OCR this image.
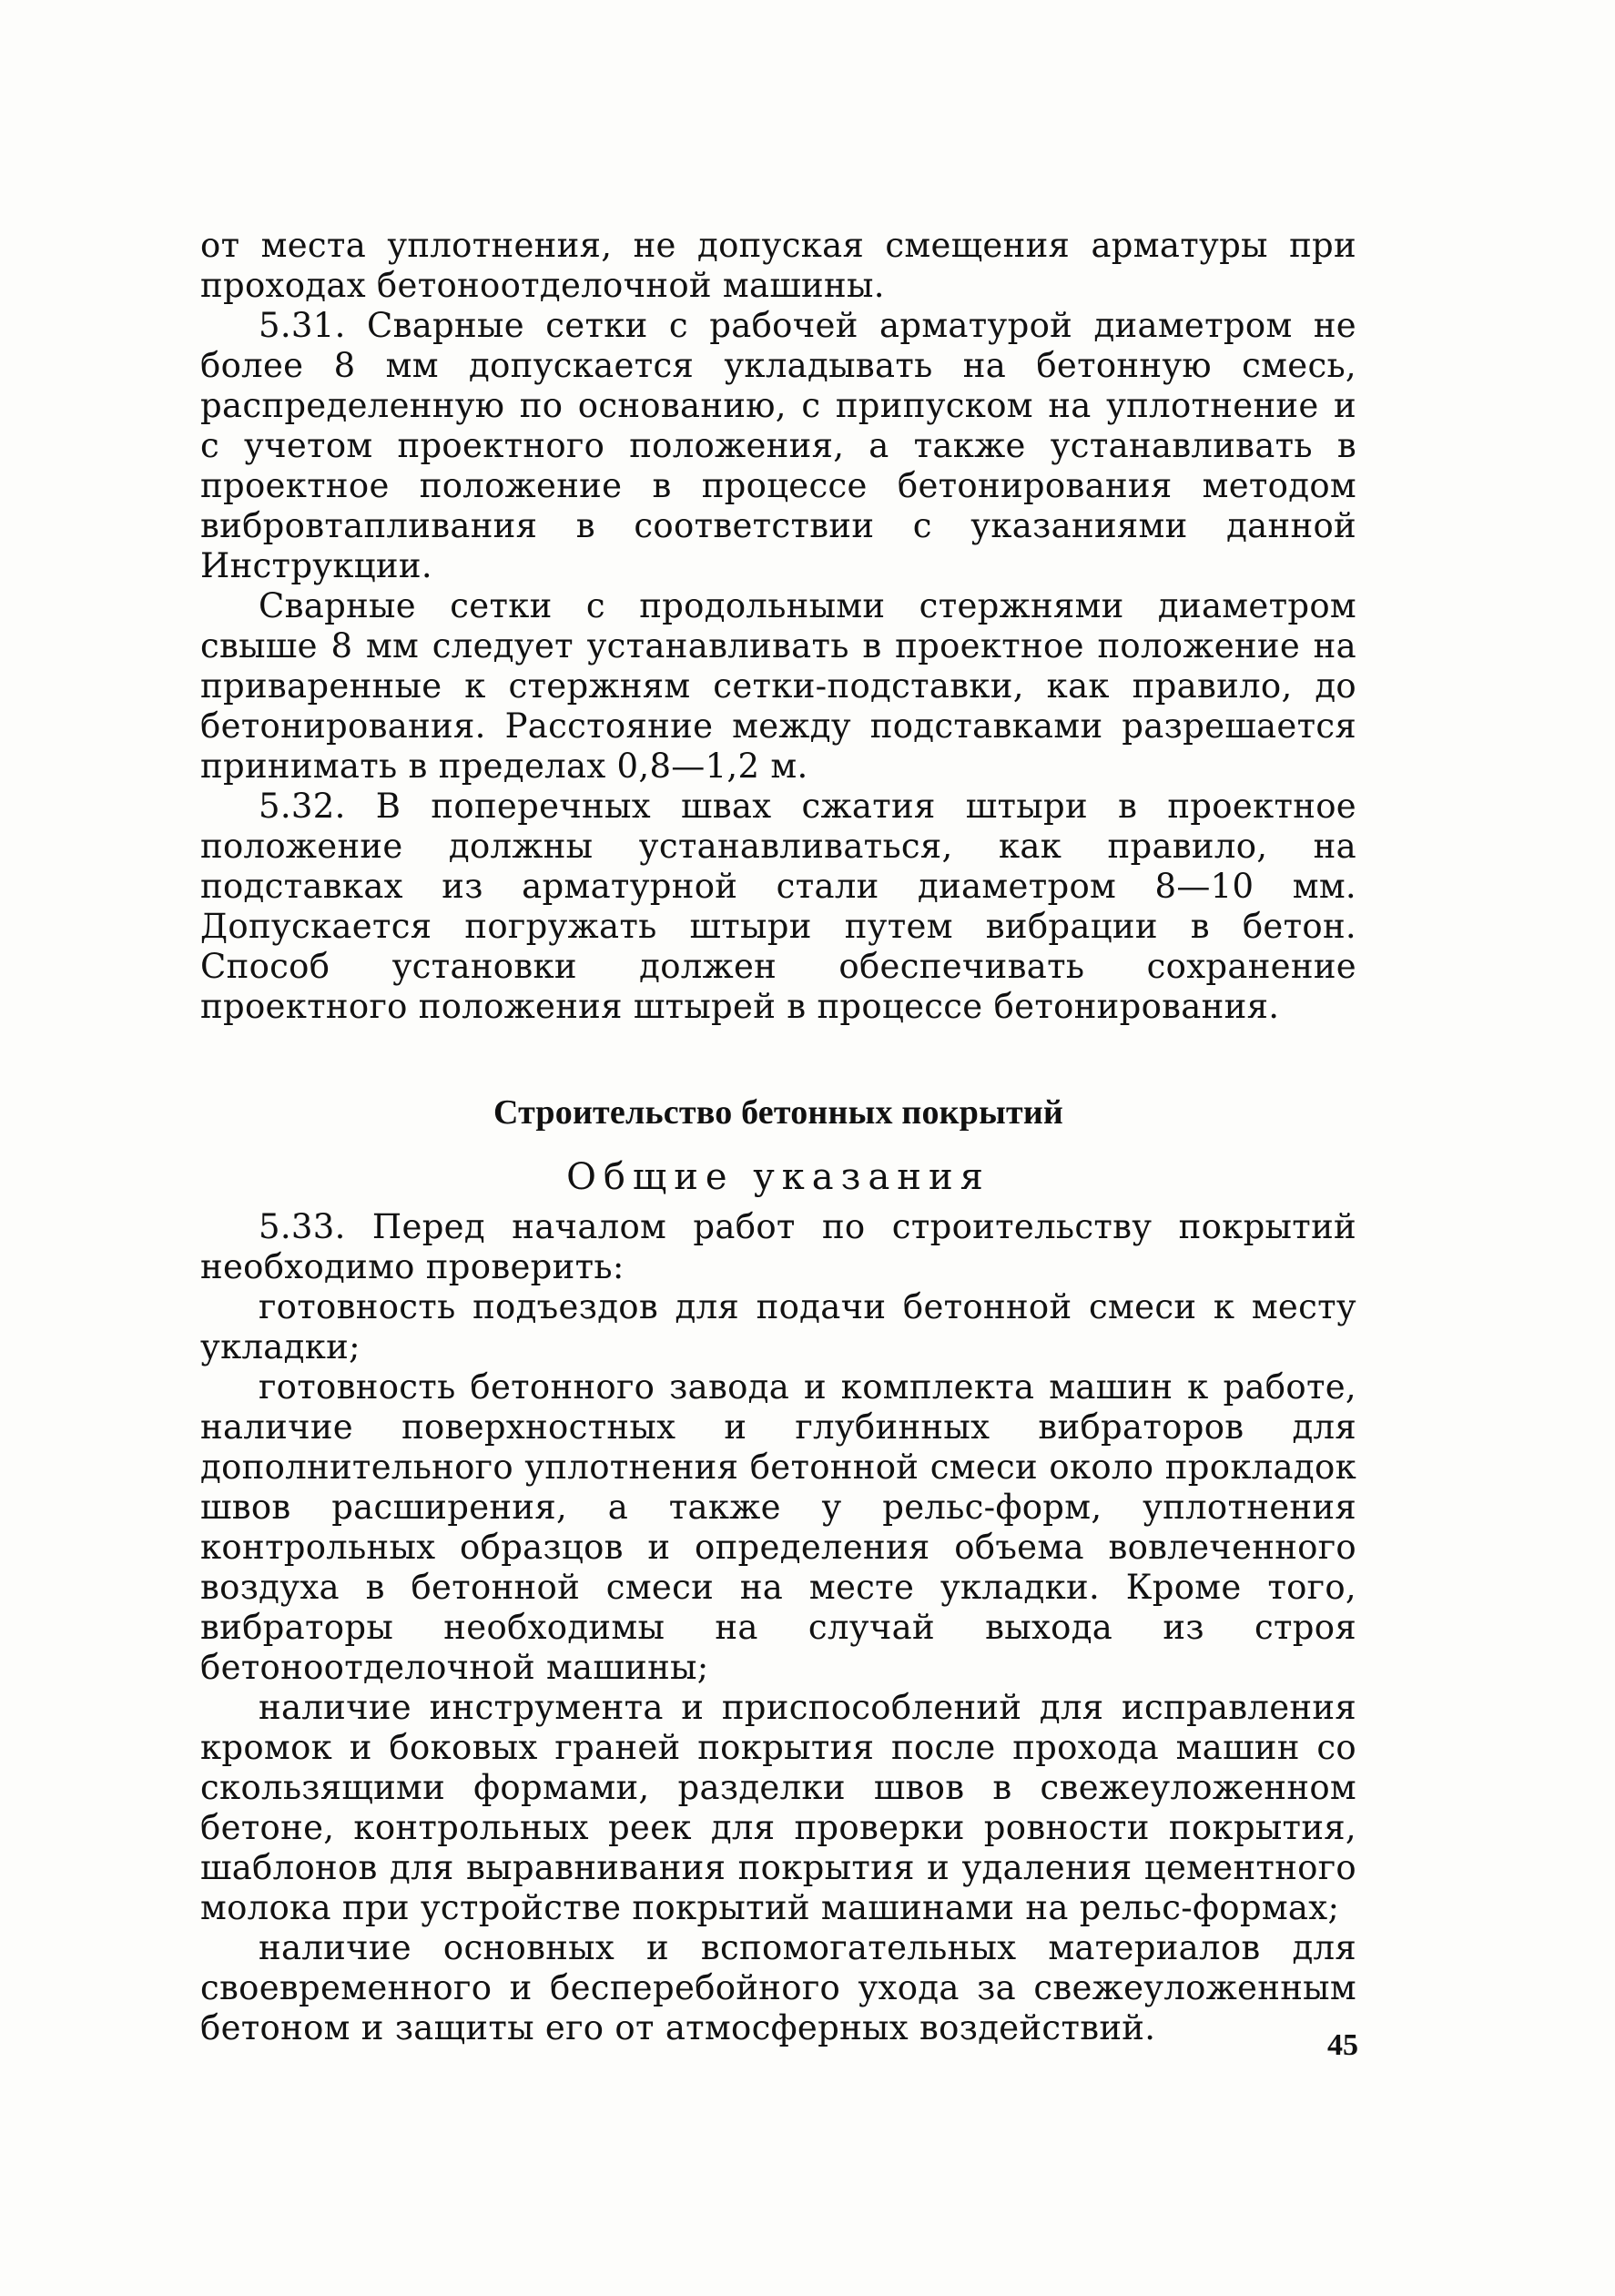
от места уплотнения, не допуская смещения арматуры при проходах бетоноотделочной машины.

5.31. Сварные сетки с рабочей арматурой диаметром не более 8 мм допускается укладывать на бетонную смесь, распределенную по основанию, с припуском на уплотнение и с учетом проектного положения, а также устанавливать в проектное положение в процессе бетонирования методом вибровтапливания в соответствии с указаниями данной Инструкции.

Сварные сетки с продольными стержнями диаметром свыше 8 мм следует устанавливать в проектное положение на приваренные к стержням сетки-подставки, как правило, до бетонирования. Расстояние между подставками разрешается принимать в пределах 0,8—1,2 м.

5.32. В поперечных швах сжатия штыри в проектное положение должны устанавливаться, как правило, на подставках из арматурной стали диаметром 8—10 мм. Допускается погружать штыри путем вибрации в бетон. Способ установки должен обеспечивать сохранение проектного положения штырей в процессе бетонирования.

Строительство бетонных покрытий
Общие указания

5.33. Перед началом работ по строительству покрытий необходимо проверить:

готовность подъездов для подачи бетонной смеси к месту укладки;

готовность бетонного завода и комплекта машин к работе, наличие поверхностных и глубинных вибраторов для дополнительного уплотнения бетонной смеси около прокладок швов расширения, а также у рельс-форм, уплотнения контрольных образцов и определения объема вовлеченного воздуха в бетонной смеси на месте укладки. Кроме того, вибраторы необходимы на случай выхода из строя бетоноотделочной машины;

наличие инструмента и приспособлений для исправления кромок и боковых граней покрытия после прохода машин со скользящими формами, разделки швов в свежеуложенном бетоне, контрольных реек для проверки ровности покрытия, шаблонов для выравнивания покрытия и удаления цементного молока при устройстве покрытий машинами на рельс-формах;

наличие основных и вспомогательных материалов для своевременного и бесперебойного ухода за свежеуложенным бетоном и защиты его от атмосферных воздействий.	45
